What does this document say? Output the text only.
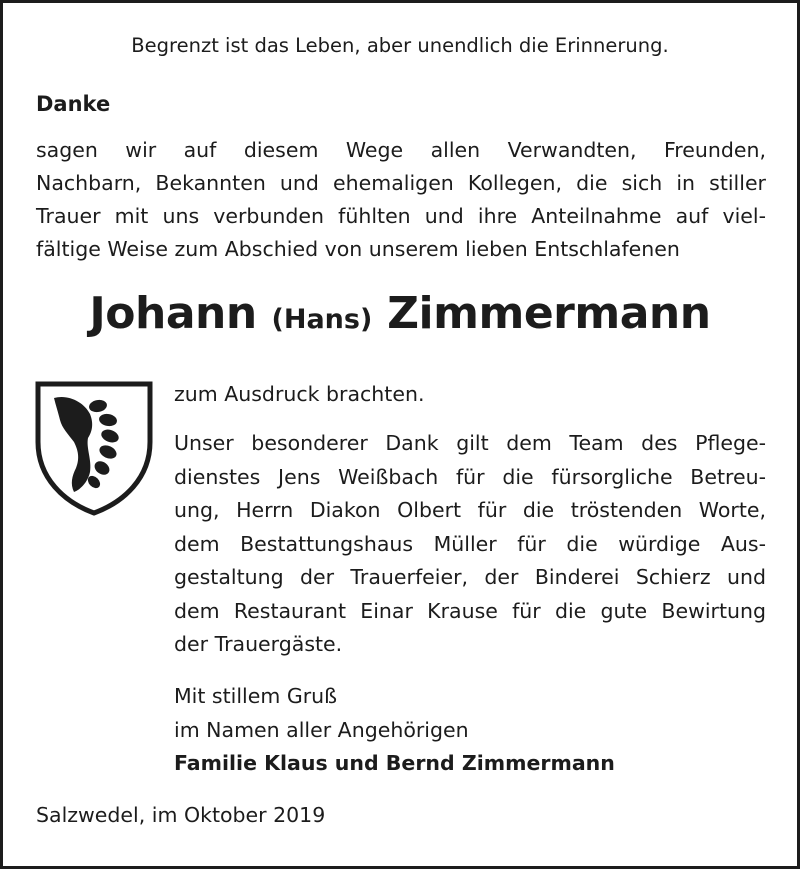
Begrenzt ist das Leben, aber unendlich die Erinnerung.
Danke
sagen wir auf diesem Wege allen Verwandten, Freunden,
Nachbarn, Bekannten und ehemaligen Kollegen, die sich in stiller
Trauer mit uns verbunden fühlten und ihre Anteilnahme auf viel-
fältige Weise zum Abschied von unserem lieben Entschlafenen
Johann (Hans) Zimmermann
zum Ausdruck brachten.
Unser besonderer Dank gilt dem Team des Pflege-
dienstes Jens Weißbach für die fürsorgliche Betreu-
ung, Herrn Diakon Olbert für die tröstenden Worte,
dem Bestattungshaus Müller für die würdige Aus-
gestaltung der Trauerfeier, der Binderei Schierz und
dem Restaurant Einar Krause für die gute Bewirtung
der Trauergäste.
Mit stillem Gruß
im Namen aller Angehörigen
Familie Klaus und Bernd Zimmermann
Salzwedel, im Oktober 2019
